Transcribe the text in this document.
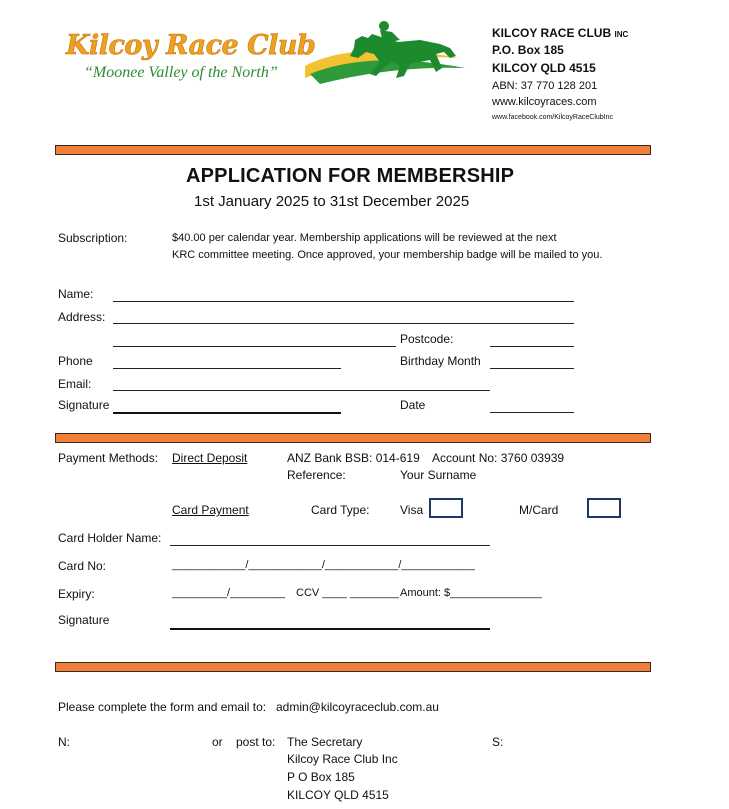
Kilcoy Race Club
“Moonee Valley of the North”
KILCOY RACE CLUB INC
P.O. Box 185
KILCOY QLD 4515
ABN: 37 770 128 201
www.kilcoyraces.com
www.facebook.com/KilcoyRaceClubInc
APPLICATION FOR MEMBERSHIP
1st January 2025 to 31st December 2025
Subscription:	$40.00 per calendar year. Membership applications will be reviewed at the next
KRC committee meeting. Once approved, your membership badge will be mailed to you.
Name:
Address:
Postcode:
Phone	Birthday Month
Email:
Signature	Date
Payment Methods: Direct Deposit	ANZ Bank BSB: 014-619 Account No: 3760 03939
Reference:	Your Surname
Card Payment	Card Type:	Visa	M/Card
Card Holder Name:
Card No:	____________/____________/____________/____________
Expiry:	_________/_________ CCV ____ ________ Amount: $_______________
Signature
Please complete the form and email to: admin@kilcoyraceclub.com.au
N:	or post to: The Secretary
Kilcoy Race Club Inc
P O Box 185
KILCOY QLD 4515
S:
